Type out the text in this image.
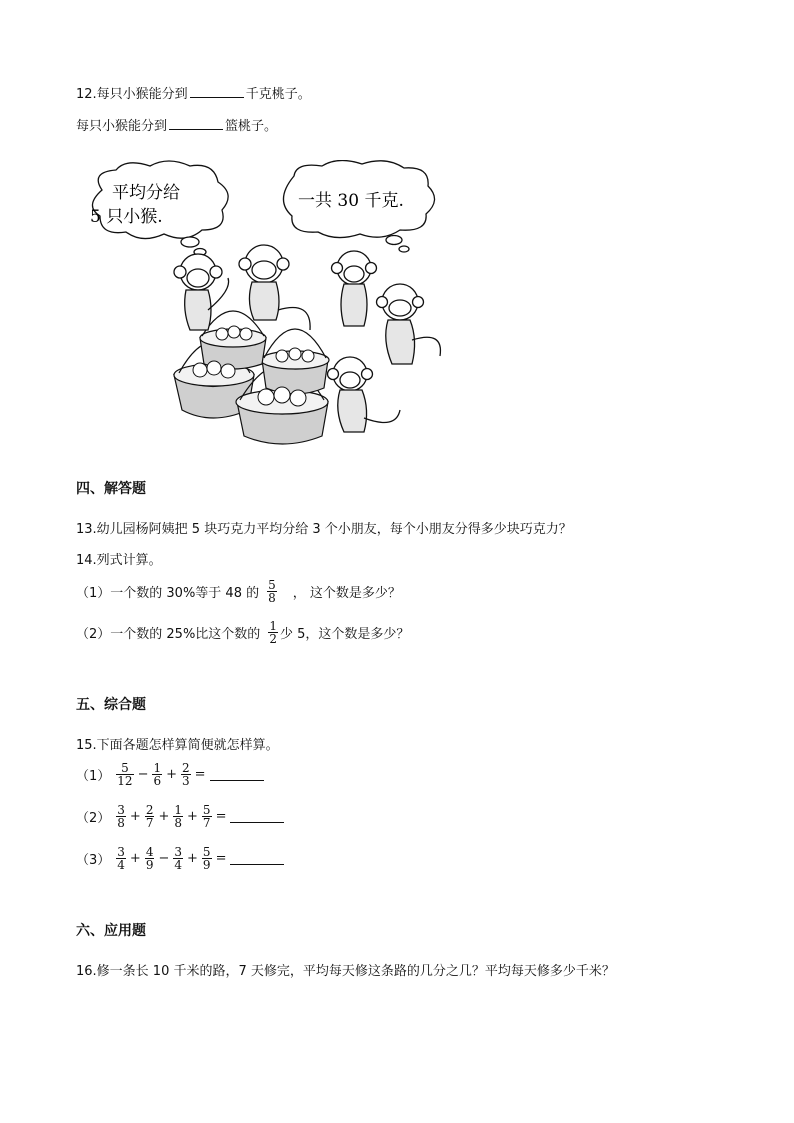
12.每只小猴能分到	千克桃子。
每只小猴能分到	篮桃子。
平均分给
5 只小猴.
一共 30 千克.
四、解答题
13.幼儿园杨阿姨把 5 块巧克力平均分给 3 个小朋友，每个小朋友分得多少块巧克力？
14.列式计算。
（1）一个数的 30%等于 48 的 $\frac{5}{8}$ ， 这个数是多少？
（2）一个数的 25%比这个数的 $\frac{1}{2}$ 少 5，这个数是多少？
五、综合题
15.下面各题怎样算简便就怎样算。
$(1) \frac{5}{12} - \frac{1}{6} + \frac{2}{3}$ =
$(2) \frac{3}{8} + \frac{2}{7} + \frac{1}{8} + \frac{5}{7}$ =
$(3) \frac{3}{4} + \frac{4}{9} - \frac{3}{4} + \frac{5}{9}$ =
六、应用题
16.修一条长 10 千米的路，7 天修完，平均每天修这条路的几分之几？平均每天修多少千米？
